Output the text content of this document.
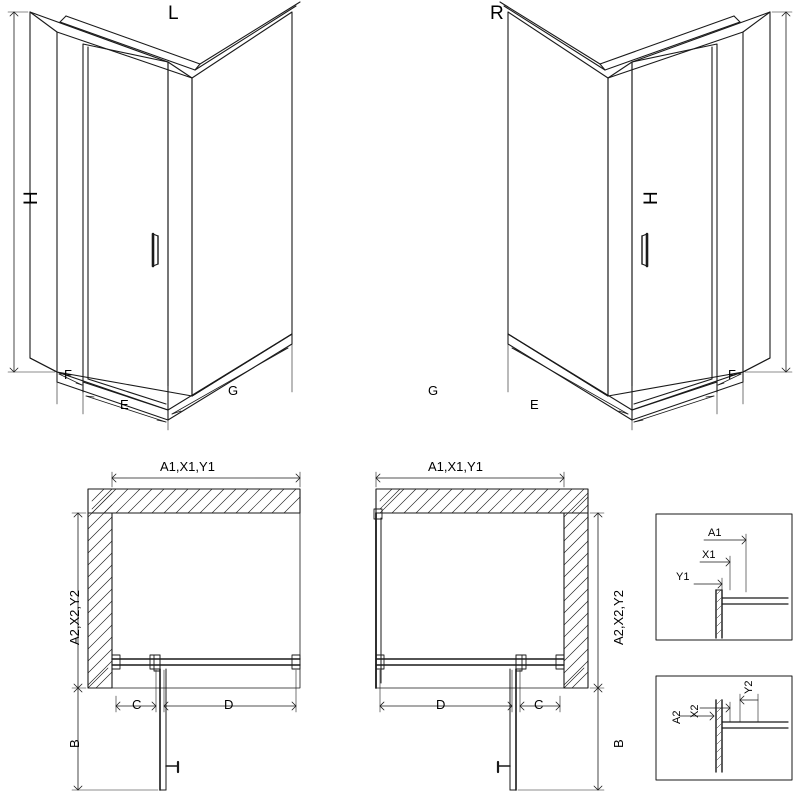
L	R
H	H
F
E
G
F
E
G
A1,X1,Y1
A2,X2,Y2
C	D
B
A1,X1,Y1
A2,X2,Y2
D	C
B
A1
X1
Y1
A2 X2
Y2
